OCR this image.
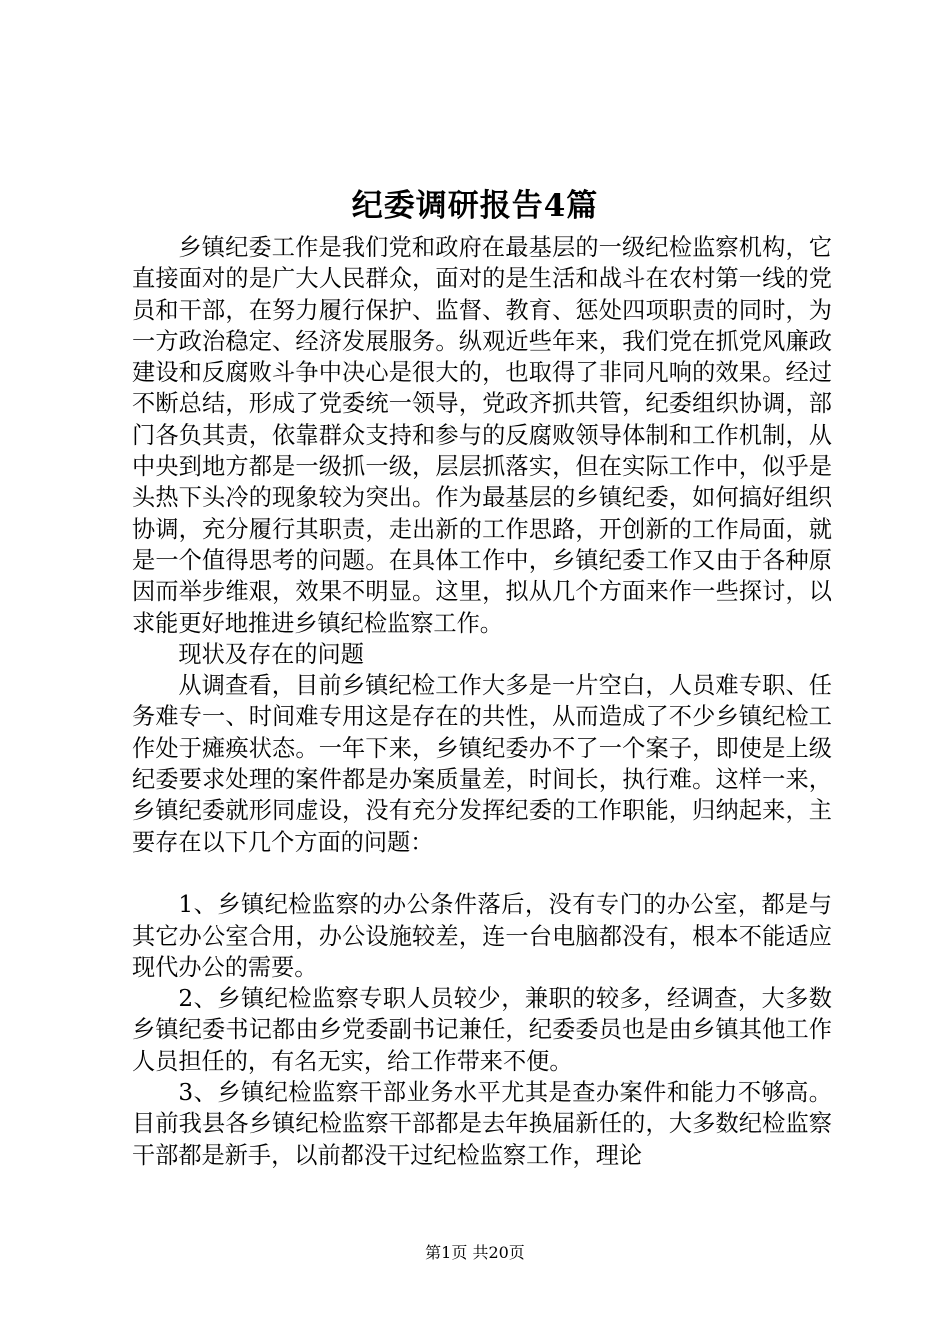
纪委调研报告4篇

乡镇纪委工作是我们党和政府在最基层的一级纪检监察机构，它直接面对的是广大人民群众，面对的是生活和战斗在农村第一线的党员和干部，在努力履行保护、监督、教育、惩处四项职责的同时，为一方政治稳定、经济发展服务。纵观近些年来，我们党在抓党风廉政建设和反腐败斗争中决心是很大的，也取得了非同凡响的效果。经过不断总结，形成了党委统一领导，党政齐抓共管，纪委组织协调，部门各负其责，依靠群众支持和参与的反腐败领导体制和工作机制，从中央到地方都是一级抓一级，层层抓落实，但在实际工作中，似乎是头热下头冷的现象较为突出。作为最基层的乡镇纪委，如何搞好组织协调，充分履行其职责，走出新的工作思路，开创新的工作局面，就是一个值得思考的问题。在具体工作中，乡镇纪委工作又由于各种原因而举步维艰，效果不明显。这里，拟从几个方面来作一些探讨，以求能更好地推进乡镇纪检监察工作。

现状及存在的问题

从调查看，目前乡镇纪检工作大多是一片空白，人员难专职、任务难专一、时间难专用这是存在的共性，从而造成了不少乡镇纪检工作处于瘫痪状态。一年下来，乡镇纪委办不了一个案子，即使是上级纪委要求处理的案件都是办案质量差，时间长，执行难。这样一来，乡镇纪委就形同虚设，没有充分发挥纪委的工作职能，归纳起来，主要存在以下几个方面的问题：

1、乡镇纪检监察的办公条件落后，没有专门的办公室，都是与其它办公室合用，办公设施较差，连一台电脑都没有，根本不能适应现代办公的需要。

2、乡镇纪检监察专职人员较少，兼职的较多，经调查，大多数乡镇纪委书记都由乡党委副书记兼任，纪委委员也是由乡镇其他工作人员担任的，有名无实，给工作带来不便。

3、乡镇纪检监察干部业务水平尤其是查办案件和能力不够高。目前我县各乡镇纪检监察干部都是去年换届新任的，大多数纪检监察干部都是新手，以前都没干过纪检监察工作，理论

第1页 共20页
